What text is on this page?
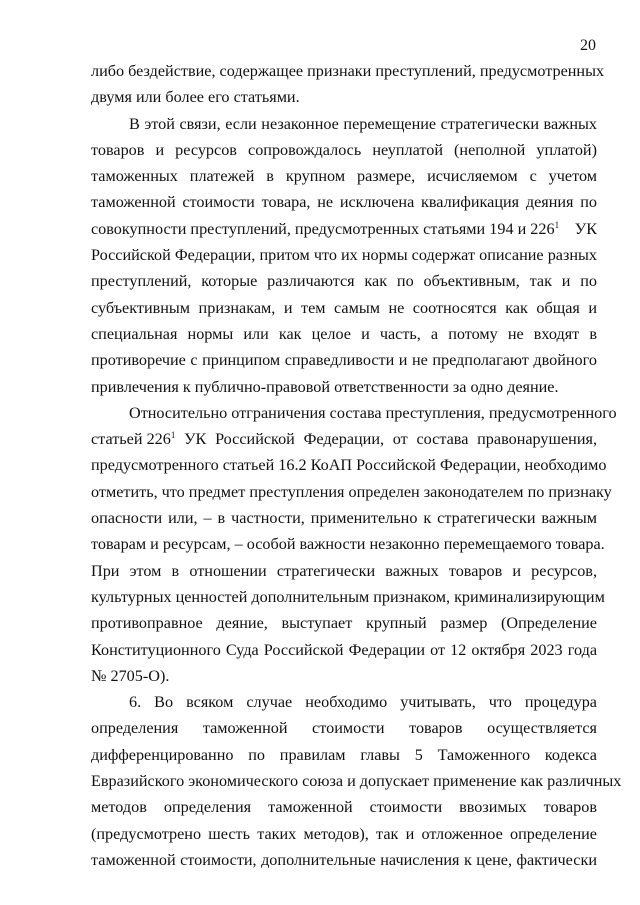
20
либо бездействие, содержащее признаки преступлений, предусмотренных
двумя или более его статьями.
В этой связи, если незаконное перемещение стратегически важных
товаров и ресурсов сопровождалось неуплатой (неполной уплатой)
таможенных платежей в крупном размере, исчисляемом с учетом
таможенной стоимости товара, не исключена квалификация деяния по
совокупности преступлений, предусмотренных статьями 194 и $226^1$ УК
Российской Федерации, притом что их нормы содержат описание разных
преступлений, которые различаются как по объективным, так и по
субъективным признакам, и тем самым не соотносятся как общая и
специальная нормы или как целое и часть, а потому не входят в
противоречие с принципом справедливости и не предполагают двойного
привлечения к публично-правовой ответственности за одно деяние.
Относительно отграничения состава преступления, предусмотренного
статьей $226^1$ УК Российской Федерации, от состава правонарушения,
предусмотренного статьей 16.2 КоАП Российской Федерации, необходимо
отметить, что предмет преступления определен законодателем по признаку
опасности или, – в частности, применительно к стратегически важным
товарам и ресурсам, – особой важности незаконно перемещаемого товара.
При этом в отношении стратегически важных товаров и ресурсов,
культурных ценностей дополнительным признаком, криминализирующим
противоправное деяние, выступает крупный размер (Определение
Конституционного Суда Российской Федерации от 12 октября 2023 года
№ 2705-О).
6. Во всяком случае необходимо учитывать, что процедура
определения таможенной стоимости товаров осуществляется
дифференцированно по правилам главы 5 Таможенного кодекса
Евразийского экономического союза и допускает применение как различных
методов определения таможенной стоимости ввозимых товаров
(предусмотрено шесть таких методов), так и отложенное определение
таможенной стоимости, дополнительные начисления к цене, фактически
